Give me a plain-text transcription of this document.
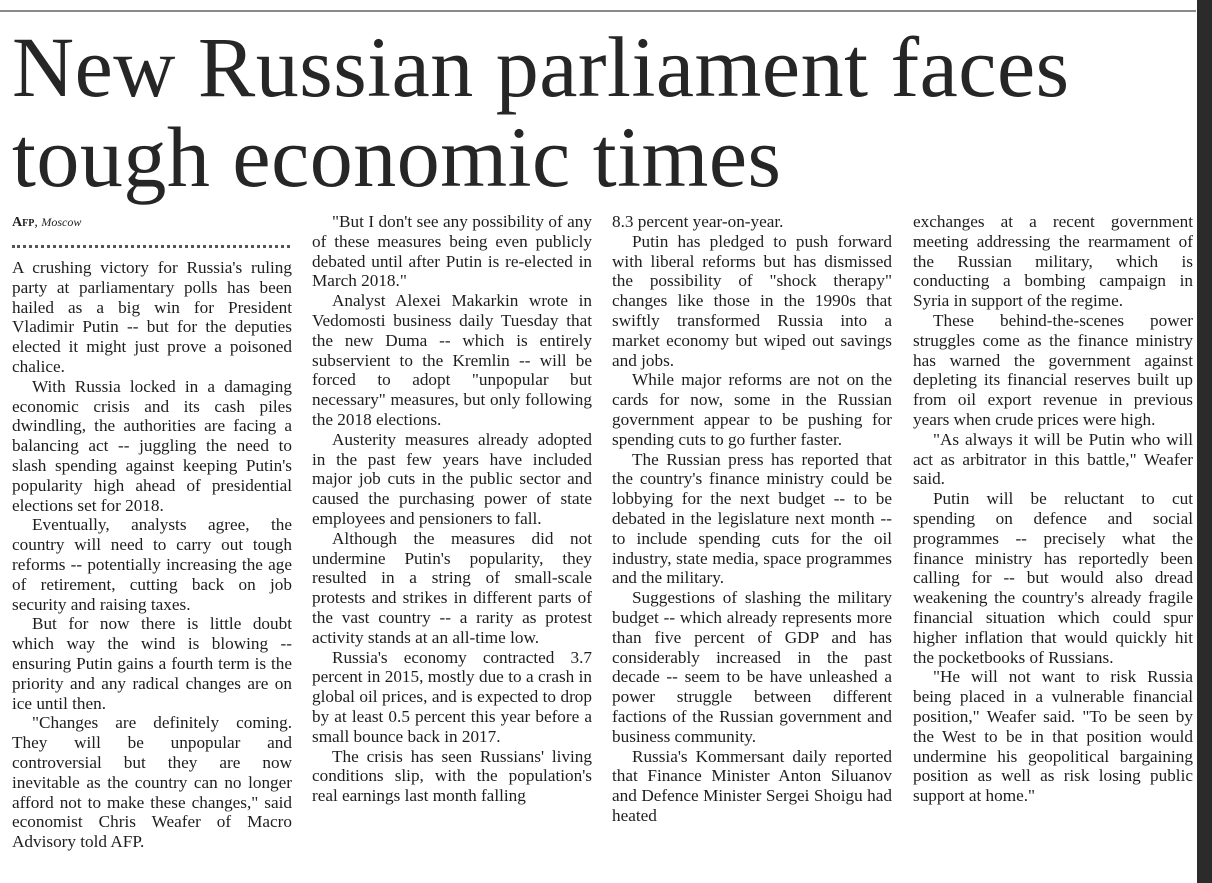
New Russian parliament faces tough economic times
Afp, Moscow

A crushing victory for Russia's ruling party at parliamentary polls has been hailed as a big win for President Vladimir Putin -- but for the deputies elected it might just prove a poisoned chalice.

With Russia locked in a damaging economic crisis and its cash piles dwindling, the authorities are facing a balancing act -- juggling the need to slash spending against keeping Putin's popularity high ahead of presidential elections set for 2018.

Eventually, analysts agree, the country will need to carry out tough reforms -- potentially increasing the age of retirement, cutting back on job security and raising taxes.

But for now there is little doubt which way the wind is blowing -- ensuring Putin gains a fourth term is the priority and any radical changes are on ice until then.

"Changes are definitely coming. They will be unpopular and controversial but they are now inevitable as the country can no longer afford not to make these changes," said economist Chris Weafer of Macro Advisory told AFP.

"But I don't see any possibility of any of these measures being even publicly debated until after Putin is re-elected in March 2018."

Analyst Alexei Makarkin wrote in Vedomosti business daily Tuesday that the new Duma -- which is entirely subservient to the Kremlin -- will be forced to adopt "unpopular but necessary" measures, but only following the 2018 elections.

Austerity measures already adopted in the past few years have included major job cuts in the public sector and caused the purchasing power of state employees and pensioners to fall.

Although the measures did not undermine Putin's popularity, they resulted in a string of small-scale protests and strikes in different parts of the vast country -- a rarity as protest activity stands at an all-time low.

Russia's economy contracted 3.7 percent in 2015, mostly due to a crash in global oil prices, and is expected to drop by at least 0.5 percent this year before a small bounce back in 2017.

The crisis has seen Russians' living conditions slip, with the population's real earnings last month falling

8.3 percent year-on-year.

Putin has pledged to push forward with liberal reforms but has dismissed the possibility of "shock therapy" changes like those in the 1990s that swiftly transformed Russia into a market economy but wiped out savings and jobs.

While major reforms are not on the cards for now, some in the Russian government appear to be pushing for spending cuts to go further faster.

The Russian press has reported that the country's finance ministry could be lobbying for the next budget -- to be debated in the legislature next month -- to include spending cuts for the oil industry, state media, space programmes and the military.

Suggestions of slashing the military budget -- which already represents more than five percent of GDP and has considerably increased in the past decade -- seem to be have unleashed a power struggle between different factions of the Russian government and business community.

Russia's Kommersant daily reported that Finance Minister Anton Siluanov and Defence Minister Sergei Shoigu had heated

exchanges at a recent government meeting addressing the rearmament of the Russian military, which is conducting a bombing campaign in Syria in support of the regime.

These behind-the-scenes power struggles come as the finance ministry has warned the government against depleting its financial reserves built up from oil export revenue in previous years when crude prices were high.

"As always it will be Putin who will act as arbitrator in this battle," Weafer said.

Putin will be reluctant to cut spending on defence and social programmes -- precisely what the finance ministry has reportedly been calling for -- but would also dread weakening the country's already fragile financial situation which could spur higher inflation that would quickly hit the pocketbooks of Russians.

"He will not want to risk Russia being placed in a vulnerable financial position," Weafer said. "To be seen by the West to be in that position would undermine his geopolitical bargaining position as well as risk losing public support at home."
